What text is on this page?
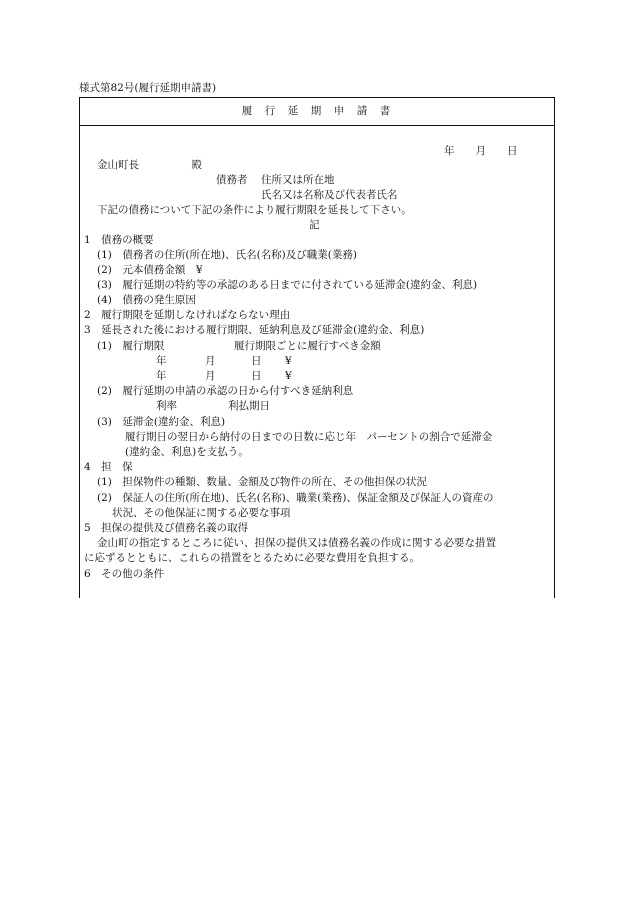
様式第82号(履行延期申請書)
履　行　延　期　申　請　書
年　　月　　日
金山町長　　　　　殿
債務者 住所又は所在地
氏名又は名称及び代表者氏名
下記の債務について下記の条件により履行期限を延長して下さい。
記
1　債務の概要
(1)　債務者の住所(所在地)、氏名(名称)及び職業(業務)
(2)　元本債務金額　¥
(3)　履行延期の特約等の承認のある日までに付されている延滞金(違約金、利息)
(4)　債務の発生原因
2　履行期限を延期しなければならない理由
3　延長された後における履行期限、延納利息及び延滞金(違約金、利息)
(1)　履行期限	履行期限ごとに履行すべき金額
年	月	日 ¥
年	月	日 ¥
(2)　履行延期の申請の承認の日から付すべき延納利息
利率	利払期日
(3)　延滞金(違約金、利息)
履行期日の翌日から納付の日までの日数に応じ年　パーセントの割合で延滞金
(違約金、利息)を支払う。
4　担　保
(1)　担保物件の種類、数量、金額及び物件の所在、その他担保の状況
(2)　保証人の住所(所在地)、氏名(名称)、職業(業務)、保証金額及び保証人の資産の
状況、その他保証に関する必要な事項
5　担保の提供及び債務名義の取得
金山町の指定するところに従い、担保の提供又は債務名義の作成に関する必要な措置
に応ずるとともに、これらの措置をとるために必要な費用を負担する。
6　その他の条件
